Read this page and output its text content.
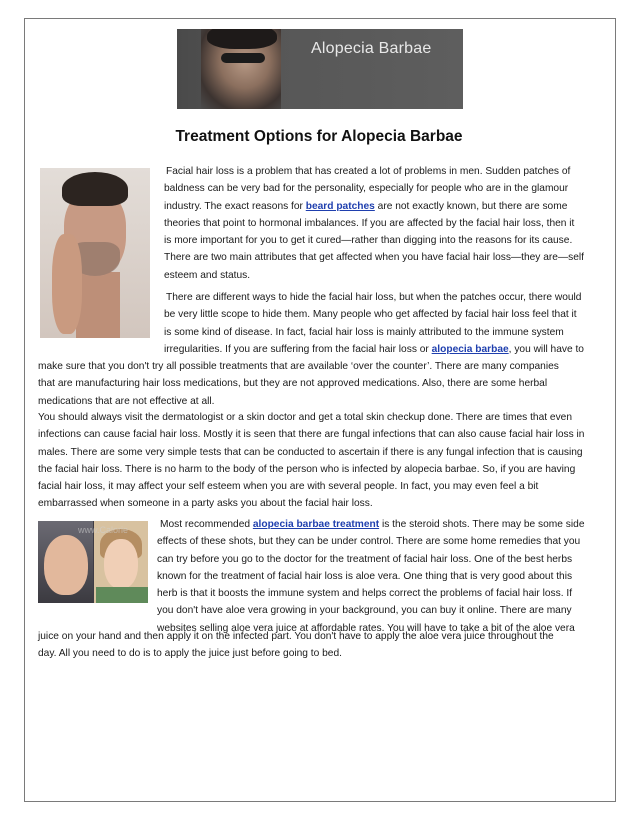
Alopecia Barbae
Treatment Options for Alopecia Barbae
Facial hair loss is a problem that has created a lot of problems in men. Sudden patches of
baldness can be very bad for the personality, especially for people who are in the glamour
industry. The exact reasons for beard patches are not exactly known, but there are some
theories that point to hormonal imbalances. If you are affected by the facial hair loss, then it
is more important for you to get it cured—rather than digging into the reasons for its cause.
There are two main attributes that get affected when you have facial hair loss—they are—self
esteem and status.
There are different ways to hide the facial hair loss, but when the patches occur, there would
be very little scope to hide them. Many people who get affected by facial hair loss feel that it
is some kind of disease. In fact, facial hair loss is mainly attributed to the immune system
irregularities. If you are suffering from the facial hair loss or alopecia barbae, you will have to
make sure that you don't try all possible treatments that are available ‘over the counter’. There are many companies
that are manufacturing hair loss medications, but they are not approved medications. Also, there are some herbal
medications that are not effective at all.
You should always visit the dermatologist or a skin doctor and get a total skin checkup done. There are times that even
infections can cause facial hair loss. Mostly it is seen that there are fungal infections that can also cause facial hair loss in
males. There are some very simple tests that can be conducted to ascertain if there is any fungal infection that is causing
the facial hair loss. There is no harm to the body of the person who is infected by alopecia barbae. So, if you are having
facial hair loss, it may affect your self esteem when you are with several people. In fact, you may even feel a bit
embarrassed when someone in a party asks you about the facial hair loss.
www.Calorie	Most recommended alopecia barbae treatment is the steroid shots. There may be some side
effects of these shots, but they can be under control. There are some home remedies that you
can try before you go to the doctor for the treatment of facial hair loss. One of the best herbs
known for the treatment of facial hair loss is aloe vera. One thing that is very good about this
herb is that it boosts the immune system and helps correct the problems of facial hair loss. If
you don't have aloe vera growing in your background, you can buy it online. There are many
websites selling aloe vera juice at affordable rates. You will have to take a bit of the aloe vera
juice on your hand and then apply it on the infected part. You don't have to apply the aloe vera juice throughout the
day. All you need to do is to apply the juice just before going to bed.
